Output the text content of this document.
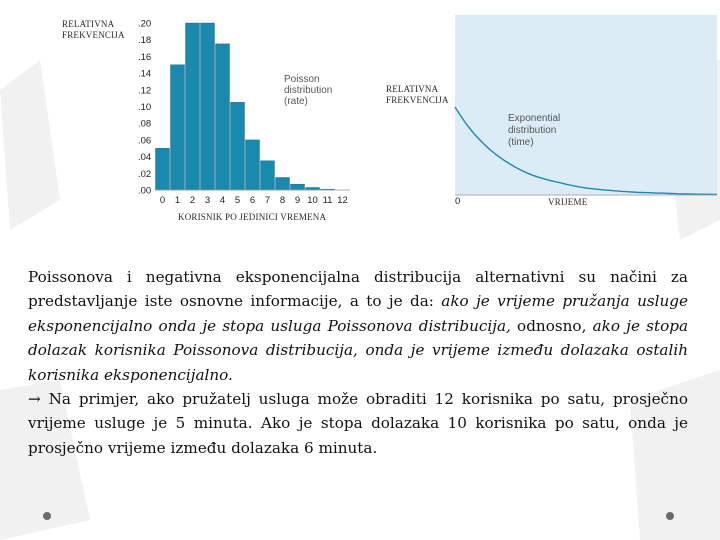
RELATIVNA
FREKVENCIJA
.00
.02
.04
.06
.08
.10
.12
.14
.16
.18
.20
0 1 2 3 4 5 6 7 8 9 10 11 12
KORISNIK PO JEDINICI VREMENA
Poisson
distribution
(rate)
RELATIVNA
FREKVENCIJA
0	VRIJEME
Exponential
distribution
(time)

Poissonova i negativna eksponencijalna distribucija alternativni su načini za predstavljanje iste osnovne informacije, a to je da: ako je vrijeme pružanja usluge eksponencijalno onda je stopa usluga Poissonova distribucija, odnosno, ako je stopa dolazak korisnika Poissonova distribucija, onda je vrijeme između dolazaka ostalih korisnika eksponencijalno.

→ Na primjer, ako pružatelj usluga može obraditi 12 korisnika po satu, prosječno vrijeme usluge je 5 minuta. Ako je stopa dolazaka 10 korisnika po satu, onda je prosječno vrijeme između dolazaka 6 minuta.
